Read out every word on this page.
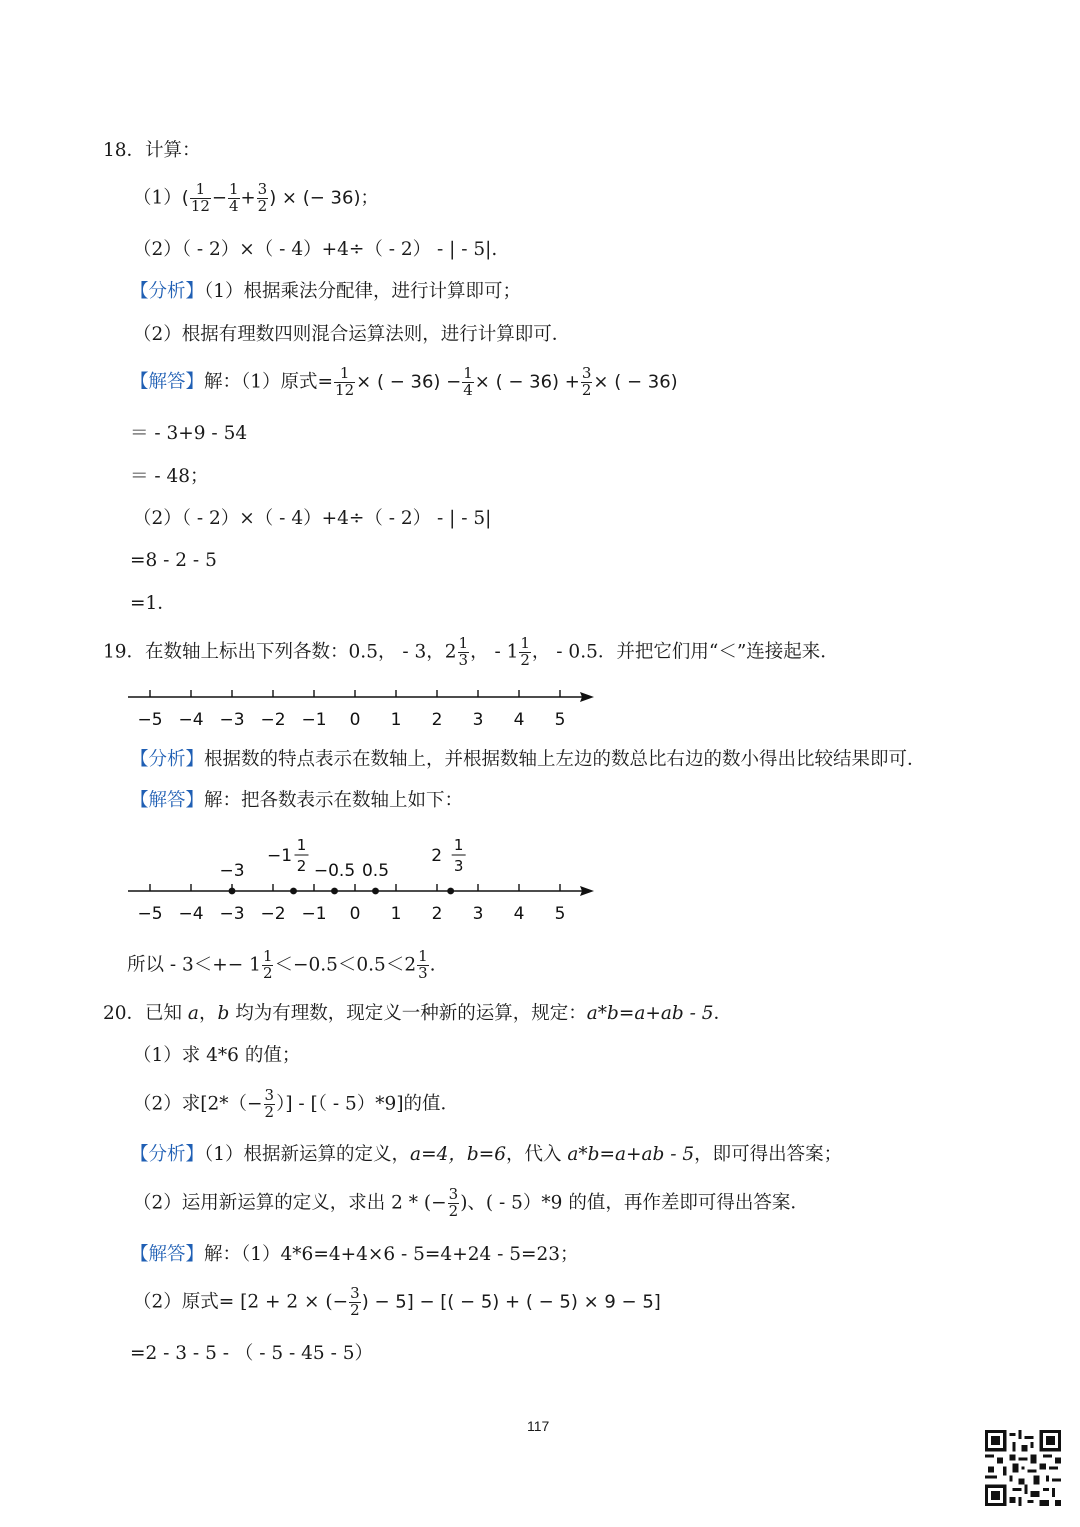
18．计算：
$(1)( \frac{1}{12} - \frac{1}{4} + \frac{3}{2}$ ) × (− 36)；
（2）（ - 2）×（ - 4）+4÷（ - 2） - | - 5|.
【分析】（1）根据乘法分配律，进行计算即可；
（2）根据有理数四则混合运算法则，进行计算即可．
【解答】解：（1）原式= $\frac{1}{12}$ × ( − $36) - \frac{1}{4}$ × ( − $36) + \frac{3}{2}$ × ( − 36)
＝ - 3+9 - 54
＝ - 48；
（2）（ - 2）×（ - 4）+4÷（ - 2） - | - 5|
=8 - 2 - 5
=1．
19．在数轴上标出下列各数：0.5， - 3，$2 \frac{1}{3}$ ， - $1 \frac{1}{2}$ ， - 0.5．并把它们用“＜”连接起来．
−5 −4 −3 −2 −1 0 1 2 3 4 5
【分析】根据数的特点表示在数轴上，并根据数轴上左边的数总比右边的数小得出比较结果即可．
【解答】解：把各数表示在数轴上如下：
−5 −4 −3 −2 −1 0 1 2 3 4 5
−3
−1
1
2 −0.5 0.5
2
1
3
所以 - $3<+- 1 \frac{1}{2} <-0.5<0.5<2 \frac{1}{3}$ .
20．已知 a，b 均为有理数，现定义一种新的运算，规定：a*b=a+ab - 5．
（1）求 4*6 的值；
（2）求[$2*(- \frac{3}{2}$ ）] - [（ - 5）*9]的值．
【分析】（1）根据新运算的定义，a=4，b=6，代入 a*b=a+ab - 5，即可得出答案；
（2）运用新运算的定义，求出 2 * (− $\frac{3}{2}$ )、( - 5）*9 的值，再作差即可得出答案．
【解答】解：（1）4*6=4+4×6 - 5=4+24 - 5=23；
（2）原式= [2 + 2 × (− $\frac{3}{2}$ ) − 5] − [( − 5) + ( − 5) × 9 − 5]
=2 - 3 - 5 - （ - 5 - 45 - 5）
117
